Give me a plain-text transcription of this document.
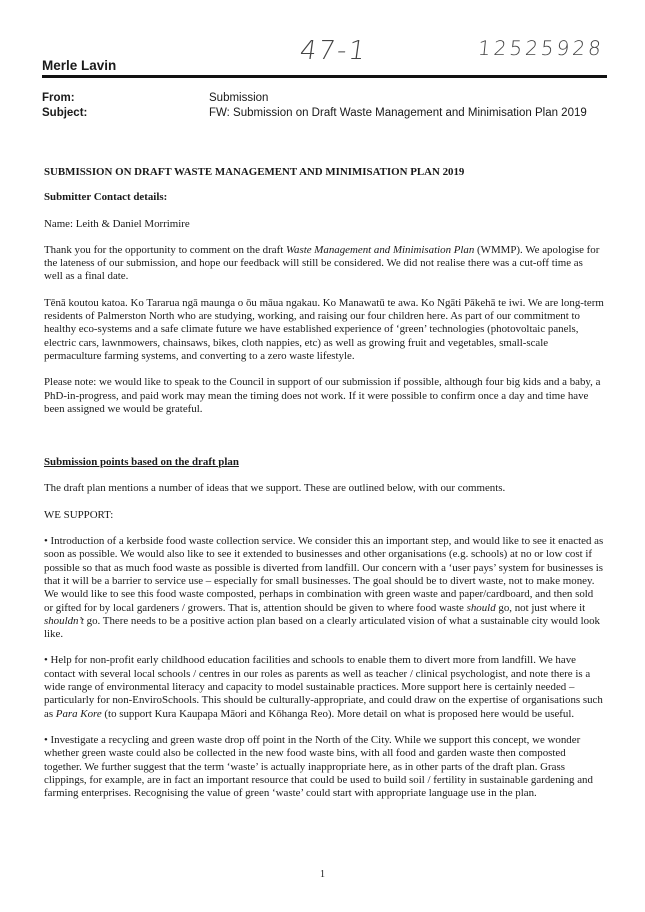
47-1	12525928
Merle Lavin
From:	Submission
Subject:	FW: Submission on Draft Waste Management and Minimisation Plan 2019

SUBMISSION ON DRAFT WASTE MANAGEMENT AND MINIMISATION PLAN 2019

Submitter Contact details:

Name: Leith & Daniel Morrimire

Thank you for the opportunity to comment on the draft Waste Management and Minimisation Plan (WMMP). We apologise for the lateness of our submission, and hope our feedback will still be considered. We did not realise there was a cut-off time as well as a final date.

Tēnā koutou katoa. Ko Tararua ngā maunga o ōu māua ngakau. Ko Manawatū te awa. Ko Ngāti Pākehā te iwi. We are long-term residents of Palmerston North who are studying, working, and raising our four children here. As part of our commitment to healthy eco-systems and a safe climate future we have established experience of ‘green’ technologies (photovoltaic panels, electric cars, lawnmowers, chainsaws, bikes, cloth nappies, etc) as well as growing fruit and vegetables, small-scale permaculture farming systems, and converting to a zero waste lifestyle.

Please note: we would like to speak to the Council in support of our submission if possible, although four big kids and a baby, a PhD-in-progress, and paid work may mean the timing does not work. If it were possible to confirm once a day and time have been assigned we would be grateful.

Submission points based on the draft plan

The draft plan mentions a number of ideas that we support. These are outlined below, with our comments.

WE SUPPORT:

• Introduction of a kerbside food waste collection service. We consider this an important step, and would like to see it enacted as soon as possible. We would also like to see it extended to businesses and other organisations (e.g. schools) at no or low cost if possible so that as much food waste as possible is diverted from landfill. Our concern with a ‘user pays’ system for businesses is that it will be a barrier to service use – especially for small businesses. The goal should be to divert waste, not to make money. We would like to see this food waste composted, perhaps in combination with green waste and paper/cardboard, and then sold or gifted for by local gardeners / growers. That is, attention should be given to where food waste should go, not just where it shouldn’t go. There needs to be a positive action plan based on a clearly articulated vision of what a sustainable city would look like.

• Help for non-profit early childhood education facilities and schools to enable them to divert more from landfill. We have contact with several local schools / centres in our roles as parents as well as teacher / clinical psychologist, and note there is a wide range of environmental literacy and capacity to model sustainable practices. More support here is certainly needed – particularly for non-EnviroSchools. This should be culturally-appropriate, and could draw on the expertise of organisations such as Para Kore (to support Kura Kaupapa Māori and Kōhanga Reo). More detail on what is proposed here would be useful.

• Investigate a recycling and green waste drop off point in the North of the City. While we support this concept, we wonder whether green waste could also be collected in the new food waste bins, with all food and garden waste then composted together. We further suggest that the term ‘waste’ is actually inappropriate here, as in other parts of the draft plan. Grass clippings, for example, are in fact an important resource that could be used to build soil / fertility in sustainable gardening and farming enterprises. Recognising the value of green ‘waste’ could start with appropriate language use in the plan.

1
